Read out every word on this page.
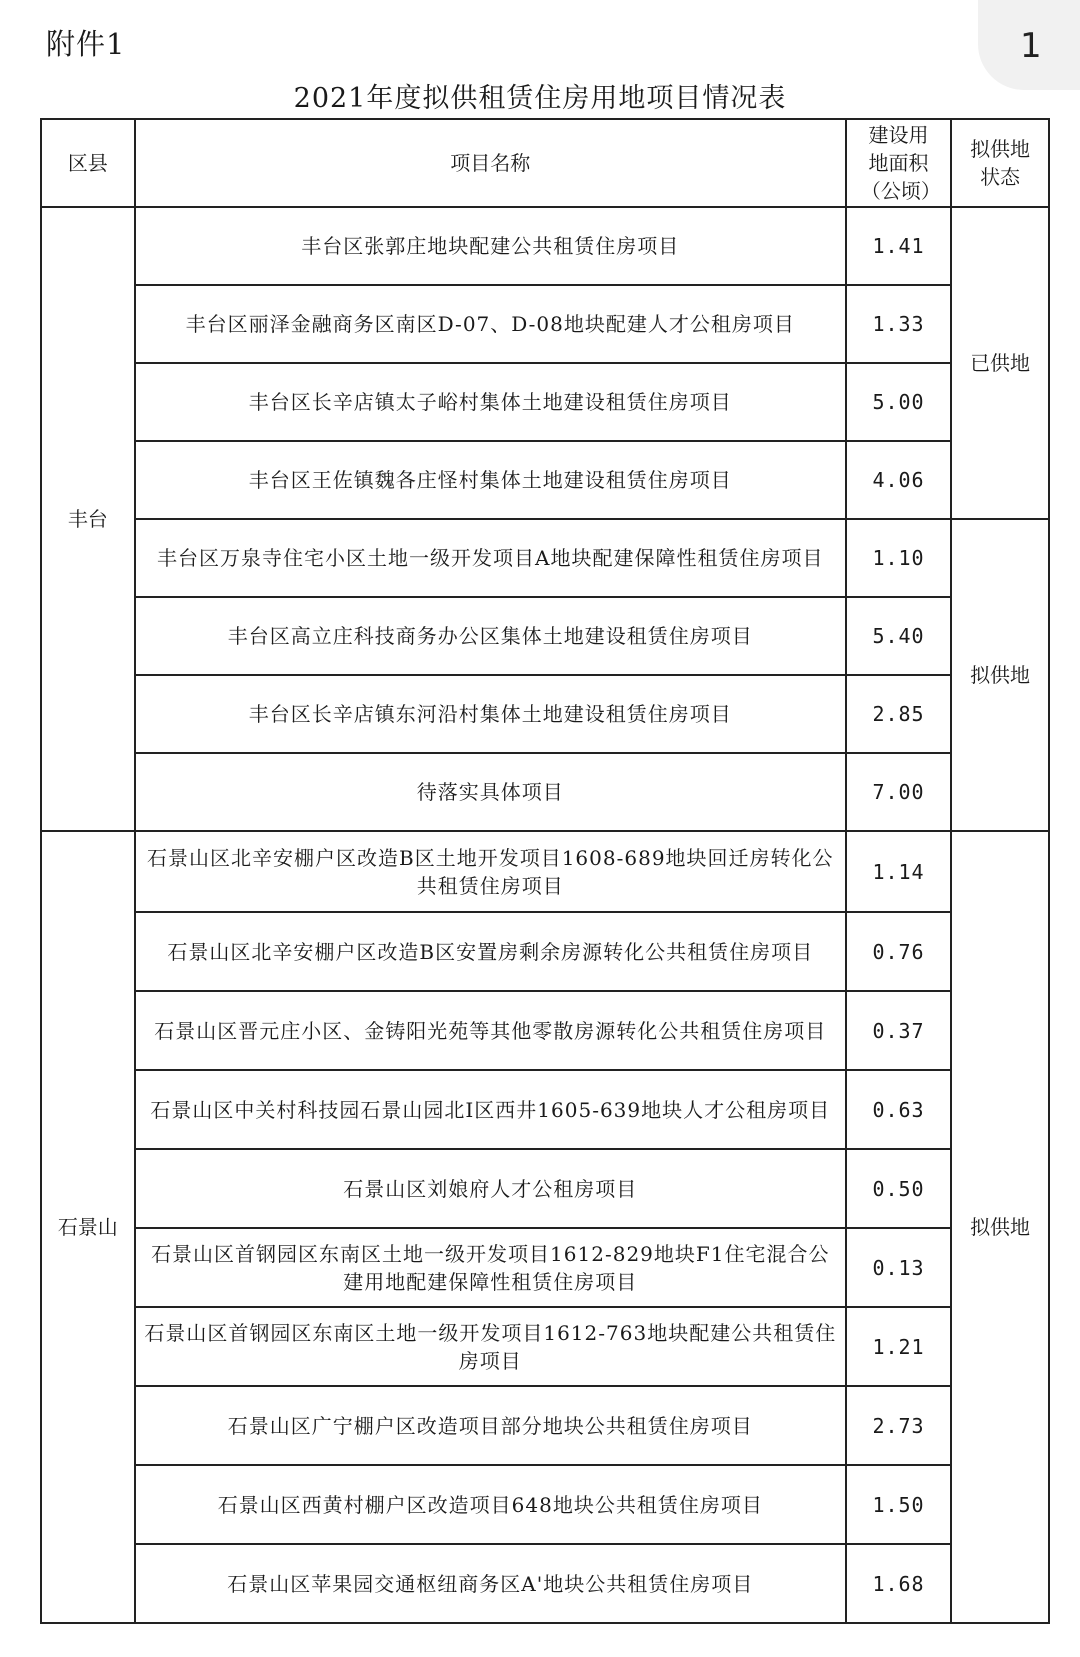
附件1	1
2021年度拟供租赁住房用地项目情况表
区县	项目名称	建设用地面积（公顷）	拟供地状态
丰台	丰台区张郭庄地块配建公共租赁住房项目	1.41	已供地
	丰台区丽泽金融商务区南区D-07、D-08地块配建人才公租房项目	1.33	
	丰台区长辛店镇太子峪村集体土地建设租赁住房项目	5.00	
	丰台区王佐镇魏各庄怪村集体土地建设租赁住房项目	4.06	
	丰台区万泉寺住宅小区土地一级开发项目A地块配建保障性租赁住房项目	1.10	拟供地
	丰台区高立庄科技商务办公区集体土地建设租赁住房项目	5.40	
	丰台区长辛店镇东河沿村集体土地建设租赁住房项目	2.85	
	待落实具体项目	7.00	
石景山	石景山区北辛安棚户区改造B区土地开发项目1608-689地块回迁房转化公共租赁住房项目	1.14	拟供地
	石景山区北辛安棚户区改造B区安置房剩余房源转化公共租赁住房项目	0.76	
	石景山区晋元庄小区、金铸阳光苑等其他零散房源转化公共租赁住房项目	0.37	
	石景山区中关村科技园石景山园北Ⅰ区西井1605-639地块人才公租房项目	0.63	
	石景山区刘娘府人才公租房项目	0.50	
	石景山区首钢园区东南区土地一级开发项目1612-829地块F1住宅混合公建用地配建保障性租赁住房项目	0.13	
	石景山区首钢园区东南区土地一级开发项目1612-763地块配建公共租赁住房项目	1.21	
	石景山区广宁棚户区改造项目部分地块公共租赁住房项目	2.73	
	石景山区西黄村棚户区改造项目648地块公共租赁住房项目	1.50	
	石景山区苹果园交通枢纽商务区A'地块公共租赁住房项目	1.68	
